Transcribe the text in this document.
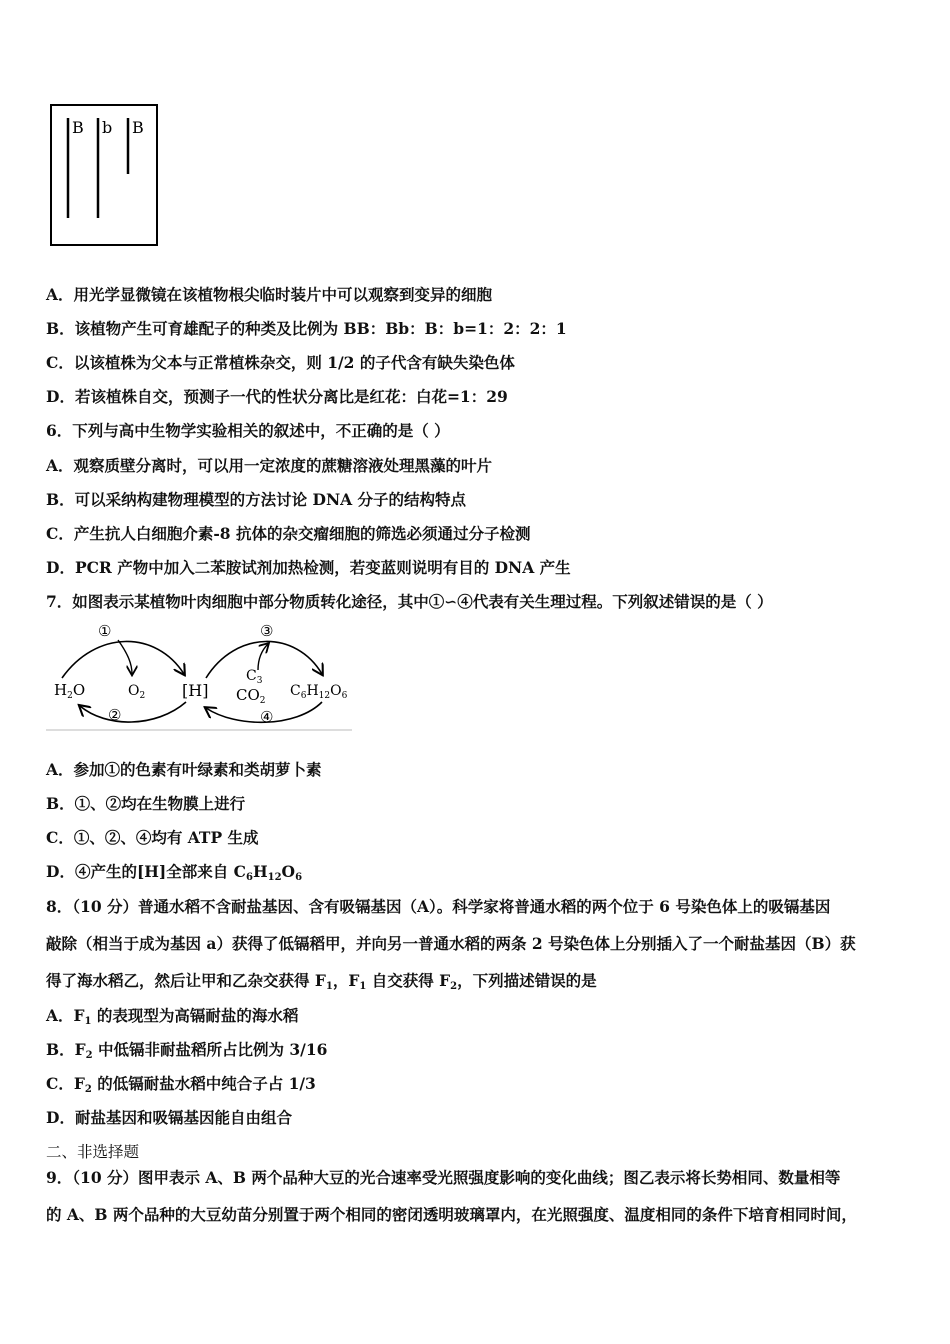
B b B
A．用光学显微镜在该植物根尖临时装片中可以观察到变异的细胞
B．该植物产生可育雄配子的种类及比例为 BB：Bb：B：b=1：2：2：1
C．以该植株为父本与正常植株杂交，则 1/2 的子代含有缺失染色体
D．若该植株自交，预测子一代的性状分离比是红花：白花=1：29
6．下列与高中生物学实验相关的叙述中，不正确的是（ ）
A．观察质壁分离时，可以用一定浓度的蔗糖溶液处理黑藻的叶片
B．可以采纳构建物理模型的方法讨论 DNA 分子的结构特点
C．产生抗人白细胞介素-8 抗体的杂交瘤细胞的筛选必须通过分子检测
D．PCR 产物中加入二苯胺试剂加热检测，若变蓝则说明有目的 DNA 产生
7．如图表示某植物叶肉细胞中部分物质转化途径，其中①∽④代表有关生理过程。下列叙述错误的是（ ）
①
②
③
④
$H_2O$	$O_2$ [H]
$C_3$
$CO_2$
$C_6H_{12}O_6$
A．参加①的色素有叶绿素和类胡萝卜素
B．①、②均在生物膜上进行
C．①、②、④均有 ATP 生成
D．④产生的[H]全部来自 $C_6H_{12}O_6$
8．（10 分）普通水稻不含耐盐基因、含有吸镉基因（A）。科学家将普通水稻的两个位于 6 号染色体上的吸镉基因
敲除（相当于成为基因 a）获得了低镉稻甲，并向另一普通水稻的两条 2 号染色体上分别插入了一个耐盐基因（B）获
得了海水稻乙，然后让甲和乙杂交获得 $F_1$，$F_1$ 自交获得 $F_2$，下列描述错误的是
A．$F_1$ 的表现型为高镉耐盐的海水稻
B．$F_2$ 中低镉非耐盐稻所占比例为 3/16
C．$F_2$ 的低镉耐盐水稻中纯合子占 1/3
D．耐盐基因和吸镉基因能自由组合
二、非选择题
9．（10 分）图甲表示 A、B 两个品种大豆的光合速率受光照强度影响的变化曲线；图乙表示将长势相同、数量相等
的 A、B 两个品种的大豆幼苗分别置于两个相同的密闭透明玻璃罩内，在光照强度、温度相同的条件下培育相同时间，
